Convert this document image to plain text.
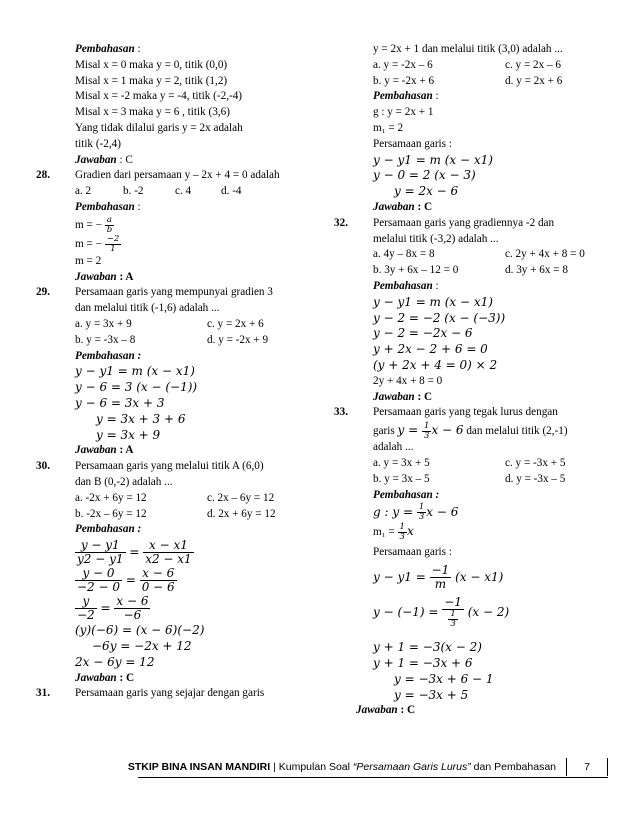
Pembahasan :
Misal x = 0 maka y = 0, titik (0,0)
Misal x = 1 maka y = 2, titik (1,2)
Misal x = -2 maka y = -4, titik (-2,-4)
Misal x = 3 maka y = 6 , titik (3,6)
Yang tidak dilalui garis y = 2x adalah
titik (-2,4)
Jawaban : C
28. Gradien dari persamaan y – 2x + 4 = 0 adalah
a. 2	b. -2	c. 4	d. -4
Pembahasan :
m = − $\frac{a}{b}$
m = − $\frac{-2}{1}$
m = 2
Jawaban : A
29. Persamaan garis yang mempunyai gradien 3
dan melalui titik (-1,6) adalah ...
a. y = 3x + 9	c. y = 2x + 6
b. y = -3x – 8	d. y = -2x + 9
Pembahasan :
𝑦 − 𝑦1 = 𝑚 (𝑥 − 𝑥1)
𝑦 − 6 = 3 (𝑥 − (−1))
𝑦 − 6 = 3𝑥 + 3
𝑦 = 3𝑥 + 3 + 6
𝑦 = 3𝑥 + 9
Jawaban : A
30. Persamaan garis yang melalui titik A (6,0)
dan B (0,-2) adalah ...
a. -2x + 6y = 12	c. 2x – 6y = 12
b. -2x – 6y = 12	d. 2x + 6y = 12
Pembahasan :
$\frac{\text{𝑦 − 𝑦1}}{\text{𝑦2 − 𝑦1}} = \frac{\text{𝑥 − 𝑥1}}{\text{𝑥2 − 𝑥1}}$
$\frac{\text{𝑦 − 0}}{-2 - 0} = \frac{\text{𝑥 − 6}}{0 - 6}$
$\frac{\text{𝑦}}{-2} = \frac{\text{𝑥 − 6}}{-6}$
(𝑦)(−6) = (𝑥 − 6)(−2)
−6𝑦 = −2𝑥 + 12
2𝑥 − 6𝑦 = 12
Jawaban : C
31. Persamaan garis yang sejajar dengan garis
y = 2x + 1 dan melalui titik (3,0) adalah ...
a. y = -2x – 6	c. y = 2x – 6
b. y = -2x + 6	d. y = 2x + 6
Pembahasan :
g : y = 2x + 1
m₁ = 2
Persamaan garis :
𝑦 − 𝑦1 = 𝑚 (𝑥 − 𝑥1)
𝑦 − 0 = 2 (𝑥 − 3)
𝑦 = 2𝑥 − 6
Jawaban : C
32. Persamaan garis yang gradiennya -2 dan
melalui titik (-3,2) adalah ...
a. 4y – 8x = 8	c. 2y + 4x + 8 = 0
b. 3y + 6x – 12 = 0	d. 3y + 6x = 8
Pembahasan :
𝑦 − 𝑦1 = 𝑚 (𝑥 − 𝑥1)
𝑦 − 2 = −2 (𝑥 − (−3))
𝑦 − 2 = −2𝑥 − 6
𝑦 + 2𝑥 − 2 + 6 = 0
(𝑦 + 2𝑥 + 4 = 0) × 2
2y + 4x + 8 = 0
Jawaban : C
33. Persamaan garis yang tegak lurus dengan
garis 𝑦 = $\frac{1}{3}$ 𝑥 − 6 dan melalui titik (2,-1)
adalah ...
a. y = 3x + 5	c. y = -3x + 5
b. y = 3x – 5	d. y = -3x – 5
Pembahasan :
g : 𝑦 = $\frac{1}{3}$ 𝑥 − 6
$m_1 = \frac{1}{3}$ 𝑥
Persamaan garis :
𝑦 − 𝑦1 = $\frac{-1}{\text{𝑚}}$ (𝑥 − 𝑥1)
𝑦 − $(-1) = \frac{-1}{\frac{1}{3}}$ (𝑥 − 2)
𝑦 + 1 = −3(𝑥 − 2)
𝑦 + 1 = −3𝑥 + 6
𝑦 = −3𝑥 + 6 − 1
𝑦 = −3𝑥 + 5
Jawaban : C
STKIP BINA INSAN MANDIRI | Kumpulan Soal “Persamaan Garis Lurus” dan Pembahasan	7
